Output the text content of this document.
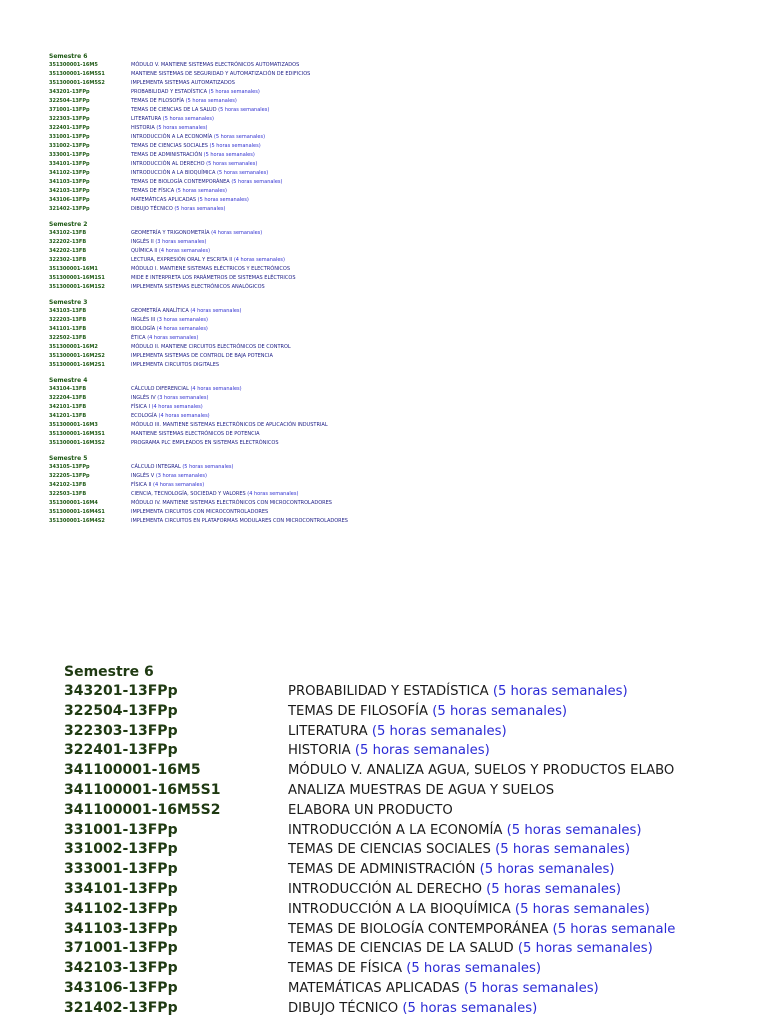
Semestre 6
351300001-16M5	MÓDULO V. MANTIENE SISTEMAS ELECTRÓNICOS AUTOMATIZADOS

351300001-16M5S1	MANTIENE SISTEMAS DE SEGURIDAD Y AUTOMATIZACIÓN DE EDIFICIOS

351300001-16M5S2	IMPLEMENTA SISTEMAS AUTOMATIZADOS

343201-13FPp	PROBABILIDAD Y ESTADÍSTICA
(5 horas semanales)
322504-13FPp	TEMAS DE FILOSOFÍA
(5 horas semanales)
371001-13FPp	TEMAS DE CIENCIAS DE LA SALUD
(5 horas semanales)
322303-13FPp	LITERATURA
(5 horas semanales)
322401-13FPp	HISTORIA
(5 horas semanales)
331001-13FPp	INTRODUCCIÓN A LA ECONOMÍA
(5 horas semanales)
331002-13FPp	TEMAS DE CIENCIAS SOCIALES
(5 horas semanales)
333001-13FPp	TEMAS DE ADMINISTRACIÓN
(5 horas semanales)
334101-13FPp	INTRODUCCIÓN AL DERECHO
(5 horas semanales)
341102-13FPp	INTRODUCCIÓN A LA BIOQUÍMICA
(5 horas semanales)
341103-13FPp	TEMAS DE BIOLOGÍA CONTEMPORÁNEA
(5 horas semanales)
342103-13FPp	TEMAS DE FÍSICA
(5 horas semanales)
343106-13FPp	MATEMÁTICAS APLICADAS
(5 horas semanales)
321402-13FPp	DIBUJO TÉCNICO
(5 horas semanales)
Semestre 2
343102-13FB	GEOMETRÍA Y TRIGONOMETRÍA
(4 horas semanales)
322202-13FB	INGLÉS II
(3 horas semanales)
342202-13FB	QUÍMICA II
(4 horas semanales)
322302-13FB	LECTURA, EXPRESIÓN ORAL Y ESCRITA II
(4 horas semanales)
351300001-16M1	MÓDULO I. MANTIENE SISTEMAS ELÉCTRICOS Y ELECTRÓNICOS

351300001-16M1S1	MIDE E INTERPRETA LOS PARÁMETROS DE SISTEMAS ELÉCTRICOS

351300001-16M1S2	IMPLEMENTA SISTEMAS ELECTRÓNICOS ANALÓGICOS

Semestre 3
343103-13FB	GEOMETRÍA ANALÍTICA
(4 horas semanales)
322203-13FB	INGLÉS III
(3 horas semanales)
341101-13FB	BIOLOGÍA
(4 horas semanales)
322502-13FB	ÉTICA
(4 horas semanales)
351300001-16M2	MÓDULO II. MANTIENE CIRCUITOS ELECTRÓNICOS DE CONTROL

351300001-16M2S2	IMPLEMENTA SISTEMAS DE CONTROL DE BAJA POTENCIA

351300001-16M2S1	IMPLEMENTA CIRCUITOS DIGITALES

Semestre 4
343104-13FB	CÁLCULO DIFERENCIAL
(4 horas semanales)
322204-13FB	INGLÉS IV
(3 horas semanales)
342101-13FB	FÍSICA I
(4 horas semanales)
341201-13FB	ECOLOGÍA
(4 horas semanales)
351300001-16M3	MÓDULO III. MANTIENE SISTEMAS ELECTRÓNICOS DE APLICACIÓN INDUSTRIAL

351300001-16M3S1	MANTIENE SISTEMAS ELECTRÓNICOS DE POTENCIA

351300001-16M3S2	PROGRAMA PLC EMPLEADOS EN SISTEMAS ELECTRÓNICOS

Semestre 5
343105-13FPp	CÁLCULO INTEGRAL
(5 horas semanales)
322205-13FPp	INGLÉS V
(3 horas semanales)
342102-13FB	FÍSICA II
(4 horas semanales)
322503-13FB	CIENCIA, TECNOLOGÍA, SOCIEDAD Y VALORES
(4 horas semanales)
351300001-16M4	MÓDULO IV. MANTIENE SISTEMAS ELECTRÓNICOS CON MICROCONTROLADORES

351300001-16M4S1	IMPLEMENTA CIRCUITOS CON MICROCONTROLADORES

351300001-16M4S2	IMPLEMENTA CIRCUITOS EN PLATAFORMAS MODULARES CON MICROCONTROLADORES

Semestre 6
343201-13FPp	PROBABILIDAD Y ESTADÍSTICA
(5 horas semanales)
322504-13FPp	TEMAS DE FILOSOFÍA
(5 horas semanales)
322303-13FPp	LITERATURA
(5 horas semanales)
322401-13FPp	HISTORIA
(5 horas semanales)
341100001-16M5	MÓDULO V. ANALIZA AGUA, SUELOS Y PRODUCTOS ELABO

341100001-16M5S1	ANALIZA MUESTRAS DE AGUA Y SUELOS

341100001-16M5S2	ELABORA UN PRODUCTO

331001-13FPp	INTRODUCCIÓN A LA ECONOMÍA
(5 horas semanales)
331002-13FPp	TEMAS DE CIENCIAS SOCIALES
(5 horas semanales)
333001-13FPp	TEMAS DE ADMINISTRACIÓN
(5 horas semanales)
334101-13FPp	INTRODUCCIÓN AL DERECHO
(5 horas semanales)
341102-13FPp	INTRODUCCIÓN A LA BIOQUÍMICA
(5 horas semanales)
341103-13FPp	TEMAS DE BIOLOGÍA CONTEMPORÁNEA
(5 horas semanale
371001-13FPp	TEMAS DE CIENCIAS DE LA SALUD
(5 horas semanales)
342103-13FPp	TEMAS DE FÍSICA
(5 horas semanales)
343106-13FPp	MATEMÁTICAS APLICADAS
(5 horas semanales)
321402-13FPp	DIBUJO TÉCNICO
(5 horas semanales)
